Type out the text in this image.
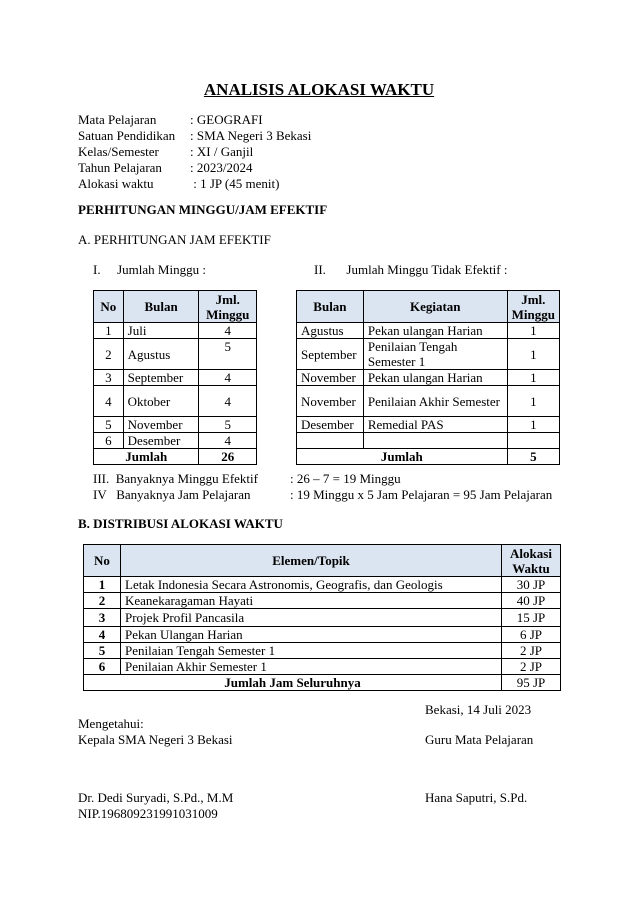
ANALISIS ALOKASI WAKTU
Mata Pelajaran	: GEOGRAFI
Satuan Pendidikan	: SMA Negeri 3 Bekasi
Kelas/Semester	: XI / Ganjil
Tahun Pelajaran	: 2023/2024
Alokasi waktu	: 1 JP (45 menit)
PERHITUNGAN MINGGU/JAM EFEKTIF
A. PERHITUNGAN JAM EFEKTIF
I. Jumlah Minggu :	II. Jumlah Minggu Tidak Efektif :
No	Bulan	Jml. Minggu
1	Juli	4
2	Agustus	5
3	September	4
4	Oktober	4
5	November	5
6	Desember	4
Jumlah		26
Bulan	Kegiatan	Jml. Minggu
Agustus	Pekan ulangan Harian	1
September	Penilaian Tengah Semester 1	1
November	Pekan ulangan Harian	1
November	Penilaian Akhir Semester	1
Desember	Remedial PAS	1

Jumlah		5
III.  Banyaknya Minggu Efektif : 26 – 7 = 19 Minggu
IV   Banyaknya Jam Pelajaran	: 19 Minggu x 5 Jam Pelajaran = 95 Jam Pelajaran
B. DISTRIBUSI ALOKASI WAKTU
No	Elemen/Topik	Alokasi Waktu
1	Letak Indonesia Secara Astronomis, Geografis, dan Geologis	30 JP
2	Keanekaragaman Hayati	40 JP
3	Projek Profil Pancasila	15 JP
4	Pekan Ulangan Harian	6 JP
5	Penilaian Tengah Semester 1	2 JP
6	Penilaian Akhir Semester 1	2 JP
Jumlah Jam Seluruhnya		95 JP
Bekasi, 14 Juli 2023
Mengetahui:
Kepala SMA Negeri 3 Bekasi	Guru Mata Pelajaran
Dr. Dedi Suryadi, S.Pd., M.M
NIP.196809231991031009
Hana Saputri, S.Pd.
